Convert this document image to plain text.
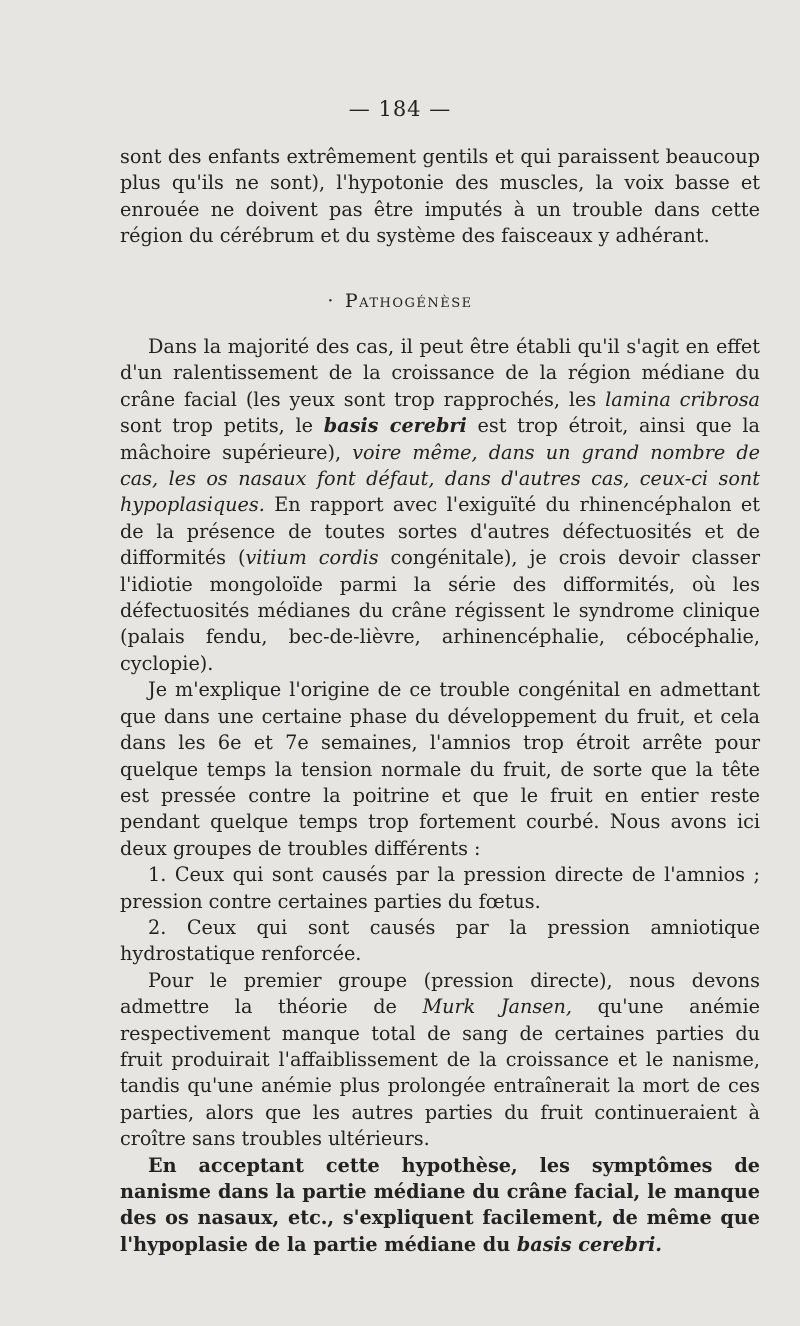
— 184 —

sont des enfants extrêmement gentils et qui paraissent beaucoup plus qu'ils ne sont), l'hypotonie des muscles, la voix basse et enrouée ne doivent pas être imputés à un trouble dans cette région du cérébrum et du système des faisceaux y adhérant.

· Pathogénèse

Dans la majorité des cas, il peut être établi qu'il s'agit en effet d'un ralentissement de la croissance de la région médiane du crâne facial (les yeux sont trop rapprochés, les lamina cribrosa sont trop petits, le basis cerebri est trop étroit, ainsi que la mâchoire supérieure), voire même, dans un grand nombre de cas, les os nasaux font défaut, dans d'autres cas, ceux-ci sont hypoplasiques. En rapport avec l'exiguïté du rhinencéphalon et de la présence de toutes sortes d'autres défectuosités et de difformités (vitium cordis congénitale), je crois devoir classer l'idiotie mongoloïde parmi la série des difformités, où les défectuosités médianes du crâne régissent le syndrome clinique (palais fendu, bec-de-lièvre, arhinencéphalie, cébocéphalie, cyclopie).

Je m'explique l'origine de ce trouble congénital en admettant que dans une certaine phase du développement du fruit, et cela dans les 6e et 7e semaines, l'amnios trop étroit arrête pour quelque temps la tension normale du fruit, de sorte que la tête est pressée contre la poitrine et que le fruit en entier reste pendant quelque temps trop fortement courbé. Nous avons ici deux groupes de troubles différents :

1. Ceux qui sont causés par la pression directe de l'amnios ; pression contre certaines parties du fœtus.

2. Ceux qui sont causés par la pression amniotique hydrostatique renforcée.

Pour le premier groupe (pression directe), nous devons admettre la théorie de Murk Jansen, qu'une anémie respectivement manque total de sang de certaines parties du fruit produirait l'affaiblissement de la croissance et le nanisme, tandis qu'une anémie plus prolongée entraînerait la mort de ces parties, alors que les autres parties du fruit continueraient à croître sans troubles ultérieurs.

En acceptant cette hypothèse, les symptômes de nanisme dans la partie médiane du crâne facial, le manque des os nasaux, etc., s'expliquent facilement, de même que l'hypoplasie de la partie médiane du basis cerebri.
